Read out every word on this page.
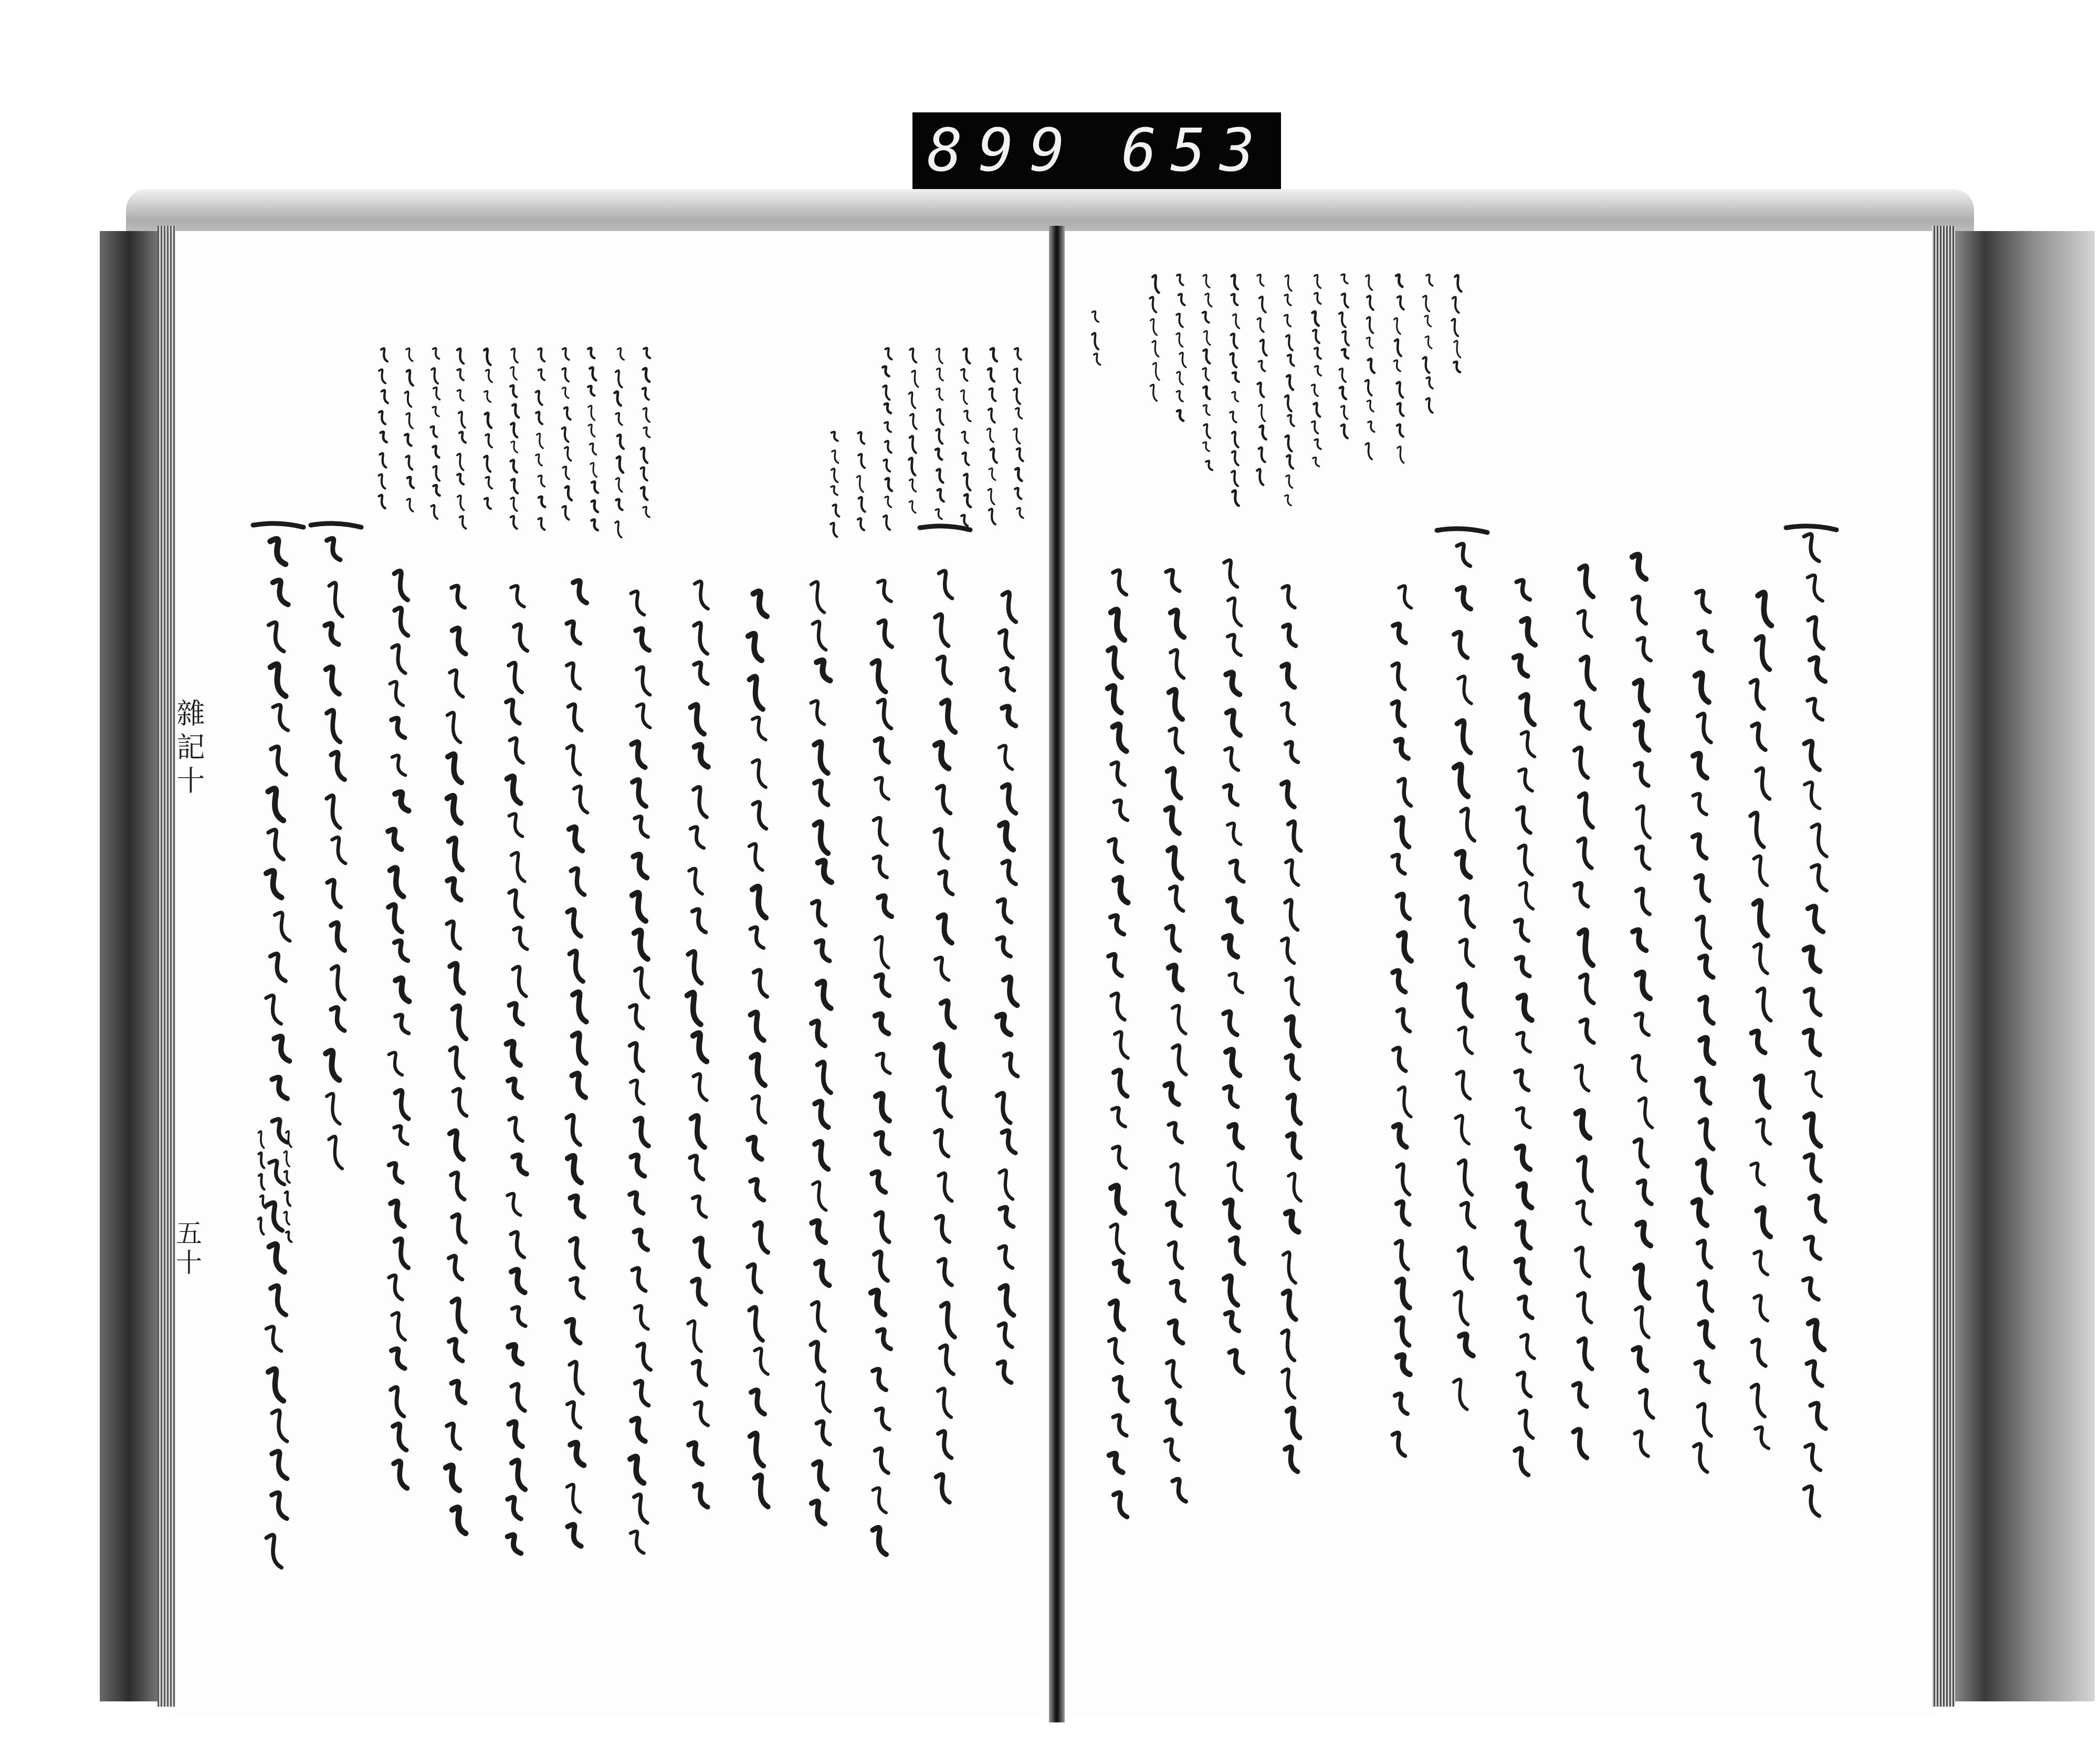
899 653
雜記十
五十
